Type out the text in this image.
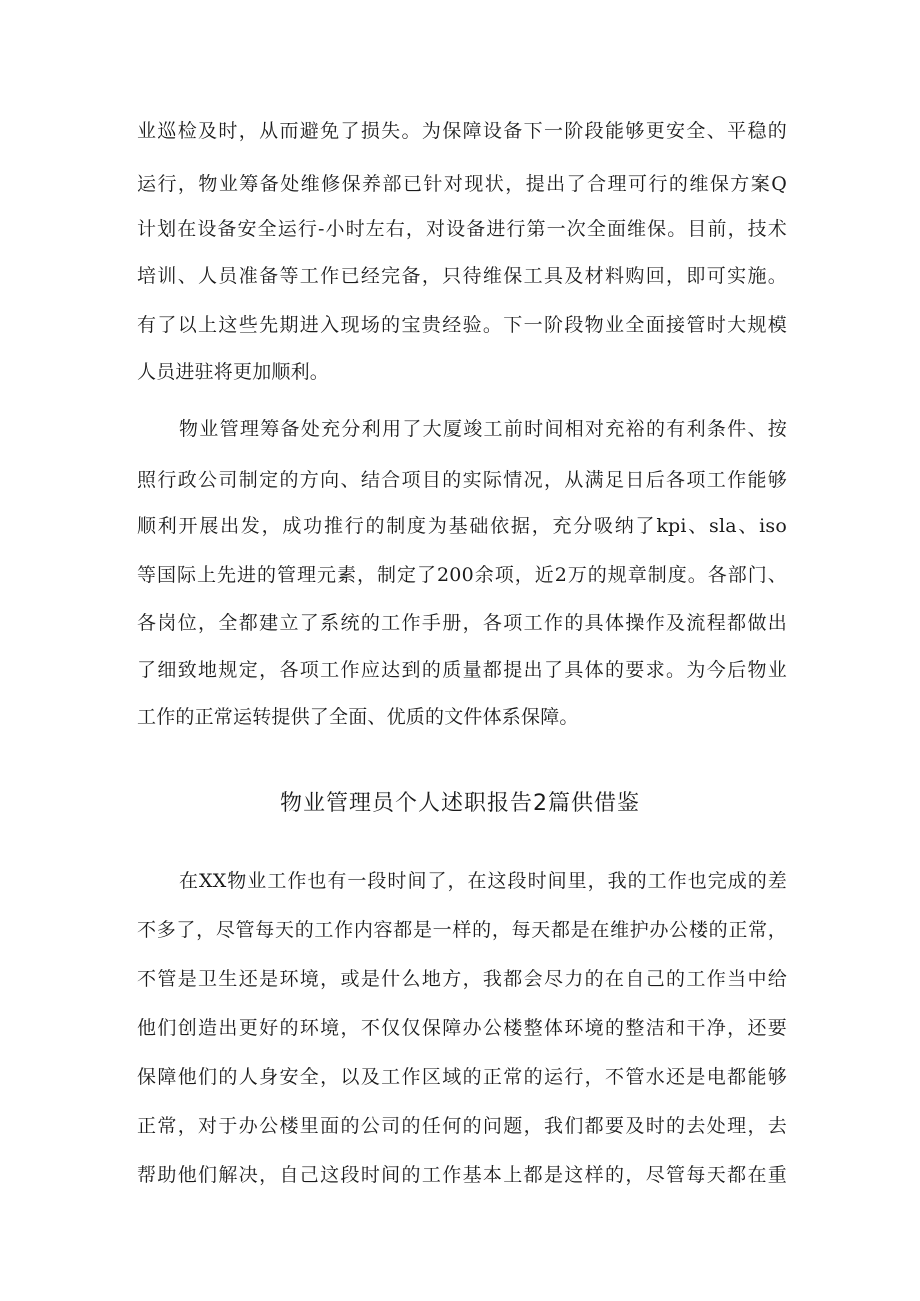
业巡检及时，从而避免了损失。为保障设备下一阶段能够更安全、平稳的
运行，物业筹备处维修保养部已针对现状，提出了合理可行的维保方案Q
计划在设备安全运行-小时左右，对设备进行第一次全面维保。目前，技术
培训、人员准备等工作已经完备，只待维保工具及材料购回，即可实施。
有了以上这些先期进入现场的宝贵经验。下一阶段物业全面接管时大规模
人员进驻将更加顺利。
物业管理筹备处充分利用了大厦竣工前时间相对充裕的有利条件、按
照行政公司制定的方向、结合项目的实际情况，从满足日后各项工作能够
顺利开展出发，成功推行的制度为基础依据，充分吸纳了kpi、sla、iso
等国际上先进的管理元素，制定了200余项，近2万的规章制度。各部门、
各岗位，全都建立了系统的工作手册，各项工作的具体操作及流程都做出
了细致地规定，各项工作应达到的质量都提出了具体的要求。为今后物业
工作的正常运转提供了全面、优质的文件体系保障。
物业管理员个人述职报告2篇供借鉴
在XX物业工作也有一段时间了，在这段时间里，我的工作也完成的差
不多了，尽管每天的工作内容都是一样的，每天都是在维护办公楼的正常，
不管是卫生还是环境，或是什么地方，我都会尽力的在自己的工作当中给
他们创造出更好的环境，不仅仅保障办公楼整体环境的整洁和干净，还要
保障他们的人身安全，以及工作区域的正常的运行，不管水还是电都能够
正常，对于办公楼里面的公司的任何的问题，我们都要及时的去处理，去
帮助他们解决，自己这段时间的工作基本上都是这样的，尽管每天都在重
